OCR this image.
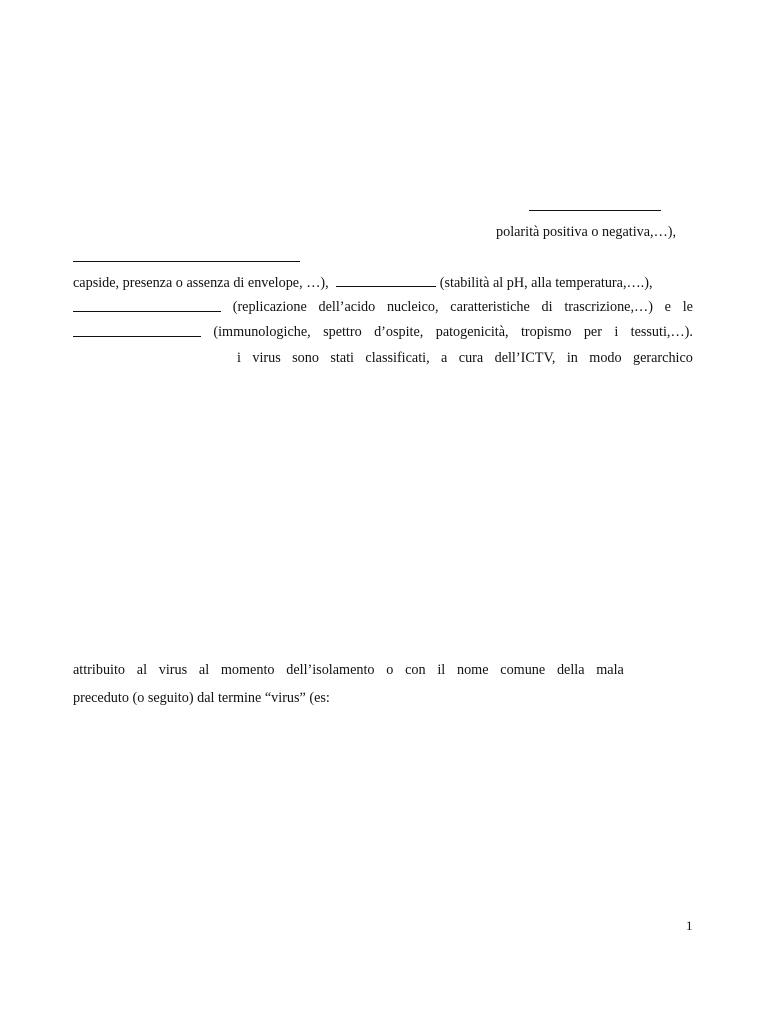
polarità positiva o negativa,…),
capside, presenza o assenza di envelope, …),	(stabilità al pH, alla temperatura,….),
(replicazione dell’acido nucleico, caratteristiche di trascrizione,…) e le
(immunologiche, spettro d’ospite, patogenicità, tropismo per i tessuti,…).
i virus sono stati classificati, a cura dell’ICTV, in modo gerarchico
attribuito al virus al momento dell’isolamento o con il nome comune della mala
preceduto (o seguito) dal termine “virus” (es:
1
